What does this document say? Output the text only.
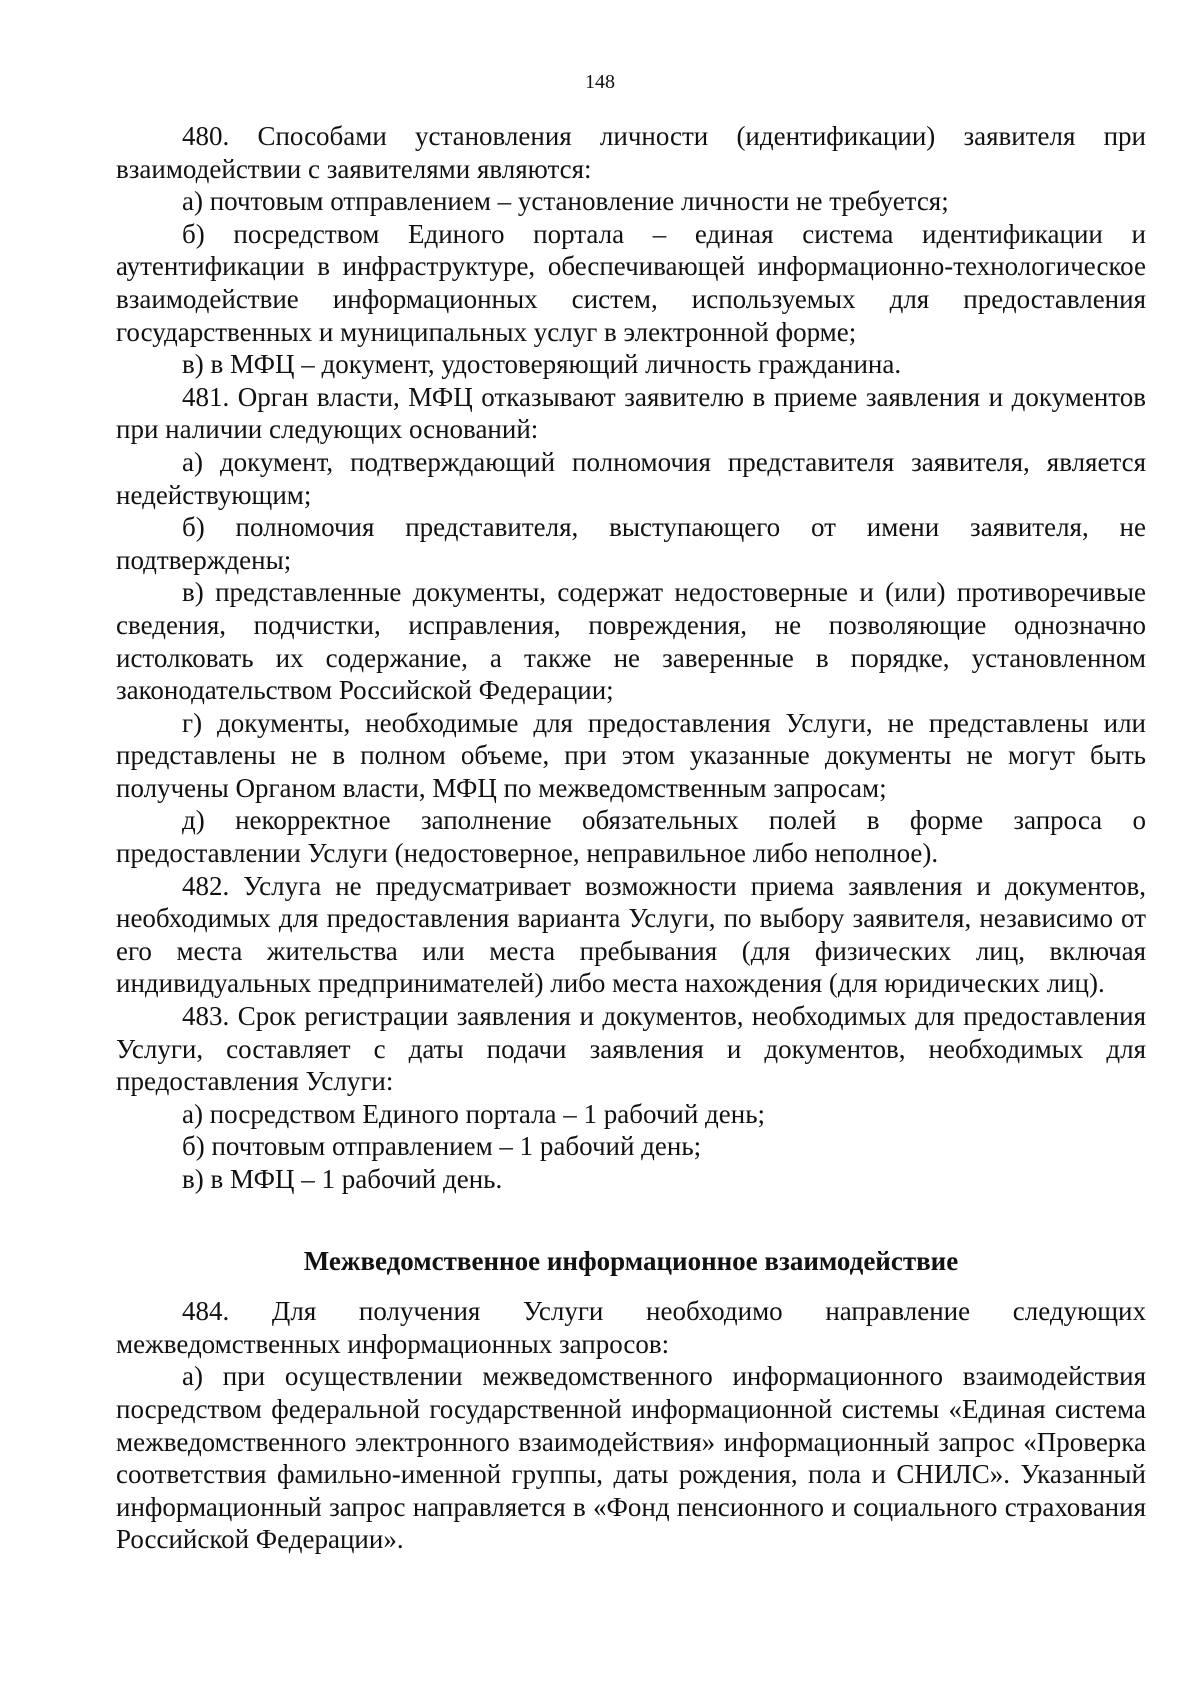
148

480. Способами установления личности (идентификации) заявителя при взаимодействии с заявителями являются:

а) почтовым отправлением – установление личности не требуется;

б) посредством Единого портала – единая система идентификации и аутентификации в инфраструктуре, обеспечивающей информационно-технологическое взаимодействие информационных систем, используемых для предоставления государственных и муниципальных услуг в электронной форме;

в) в МФЦ – документ, удостоверяющий личность гражданина.

481. Орган власти, МФЦ отказывают заявителю в приеме заявления и документов при наличии следующих оснований:

а) документ, подтверждающий полномочия представителя заявителя, является недействующим;

б) полномочия представителя, выступающего от имени заявителя, не подтверждены;

в) представленные документы, содержат недостоверные и (или) противоречивые сведения, подчистки, исправления, повреждения, не позволяющие однозначно истолковать их содержание, а также не заверенные в порядке, установленном законодательством Российской Федерации;

г) документы, необходимые для предоставления Услуги, не представлены или представлены не в полном объеме, при этом указанные документы не могут быть получены Органом власти, МФЦ по межведомственным запросам;

д) некорректное заполнение обязательных полей в форме запроса о предоставлении Услуги (недостоверное, неправильное либо неполное).

482. Услуга не предусматривает возможности приема заявления и документов, необходимых для предоставления варианта Услуги, по выбору заявителя, независимо от его места жительства или места пребывания (для физических лиц, включая индивидуальных предпринимателей) либо места нахождения (для юридических лиц).

483. Срок регистрации заявления и документов, необходимых для предоставления Услуги, составляет с даты подачи заявления и документов, необходимых для предоставления Услуги:

а) посредством Единого портала – 1 рабочий день;

б) почтовым отправлением – 1 рабочий день;

в) в МФЦ – 1 рабочий день.

Межведомственное информационное взаимодействие

484. Для получения Услуги необходимо направление следующих межведомственных информационных запросов:

а) при осуществлении межведомственного информационного взаимодействия посредством федеральной государственной информационной системы «Единая система межведомственного электронного взаимодействия» информационный запрос «Проверка соответствия фамильно-именной группы, даты рождения, пола и СНИЛС». Указанный информационный запрос направляется в «Фонд пенсионного и социального страхования Российской Федерации».
